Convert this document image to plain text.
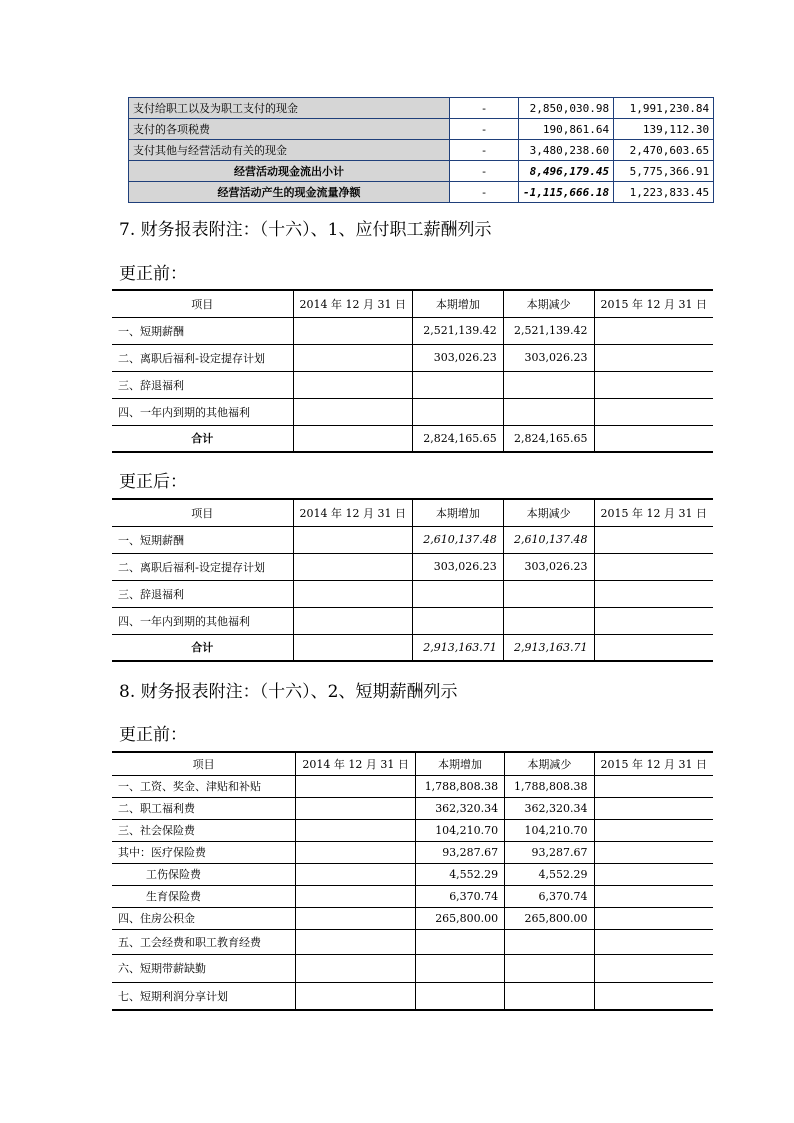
支付给职工以及为职工支付的现金	-	2,850,030.98	1,991,230.84
支付的各项税费	-	190,861.64	139,112.30
支付其他与经营活动有关的现金	-	3,480,238.60	2,470,603.65
经营活动现金流出小计	-	8,496,179.45	5,775,366.91
经营活动产生的现金流量净额	-	-1,115,666.18	1,223,833.45
7. 财务报表附注：（十六）、1、应付职工薪酬列示
更正前：
项目	2014 年 12 月 31 日	本期增加	本期减少	2015 年 12 月 31 日
一、短期薪酬		2,521,139.42	2,521,139.42	
二、离职后福利-设定提存计划		303,026.23	303,026.23	
三、辞退福利				
四、一年内到期的其他福利				
合计		2,824,165.65	2,824,165.65	
更正后：
项目	2014 年 12 月 31 日	本期增加	本期减少	2015 年 12 月 31 日
一、短期薪酬		2,610,137.48	2,610,137.48	
二、离职后福利-设定提存计划		303,026.23	303,026.23	
三、辞退福利				
四、一年内到期的其他福利				
合计		2,913,163.71	2,913,163.71	
8. 财务报表附注：（十六）、2、短期薪酬列示
更正前：
项目	2014 年 12 月 31 日	本期增加	本期减少	2015 年 12 月 31 日
一、工资、奖金、津贴和补贴		1,788,808.38	1,788,808.38	
二、职工福利费		362,320.34	362,320.34	
三、社会保险费		104,210.70	104,210.70	
其中：医疗保险费		93,287.67	93,287.67	
工伤保险费		4,552.29	4,552.29	
生育保险费		6,370.74	6,370.74	
四、住房公积金		265,800.00	265,800.00	
五、工会经费和职工教育经费				
六、短期带薪缺勤				
七、短期利润分享计划				
